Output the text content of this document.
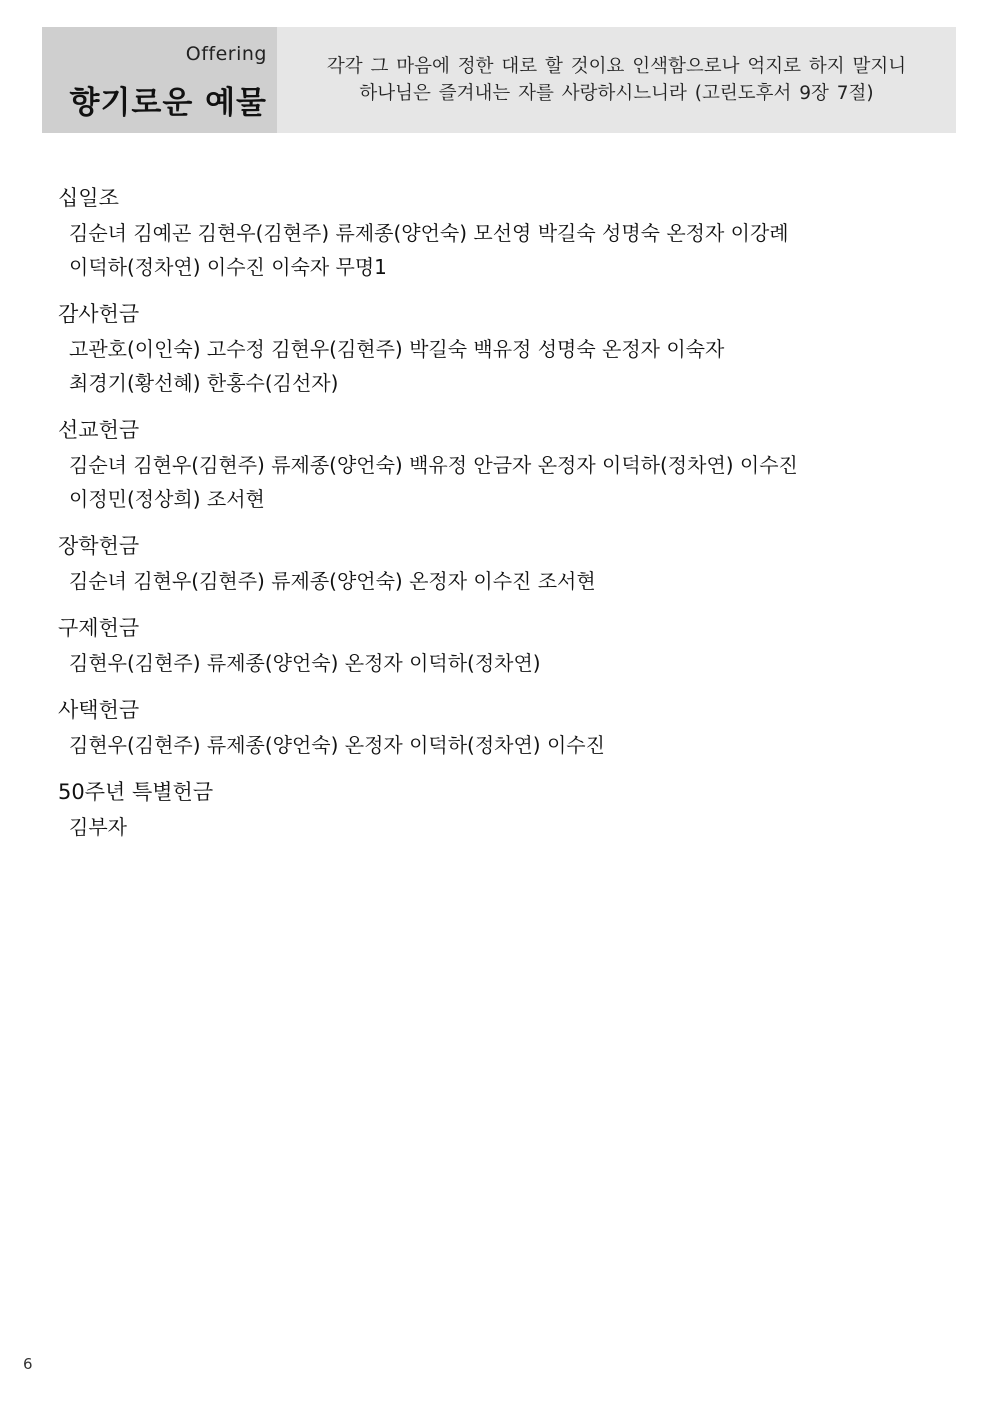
Offering
향기로운 예물
각각 그 마음에 정한 대로 할 것이요 인색함으로나 억지로 하지 말지니
하나님은 즐겨내는 자를 사랑하시느니라 (고린도후서 9장 7절)
십일조
김순녀 김예곤 김현우(김현주) 류제종(양언숙) 모선영 박길숙 성명숙 온정자 이강례
이덕하(정차연) 이수진 이숙자 무명1
감사헌금
고관호(이인숙) 고수정 김현우(김현주) 박길숙 백유정 성명숙 온정자 이숙자
최경기(황선혜) 한홍수(김선자)
선교헌금
김순녀 김현우(김현주) 류제종(양언숙) 백유정 안금자 온정자 이덕하(정차연) 이수진
이정민(정상희) 조서현
장학헌금
김순녀 김현우(김현주) 류제종(양언숙) 온정자 이수진 조서현
구제헌금
김현우(김현주) 류제종(양언숙) 온정자 이덕하(정차연)
사택헌금
김현우(김현주) 류제종(양언숙) 온정자 이덕하(정차연) 이수진
50주년 특별헌금
김부자
6
